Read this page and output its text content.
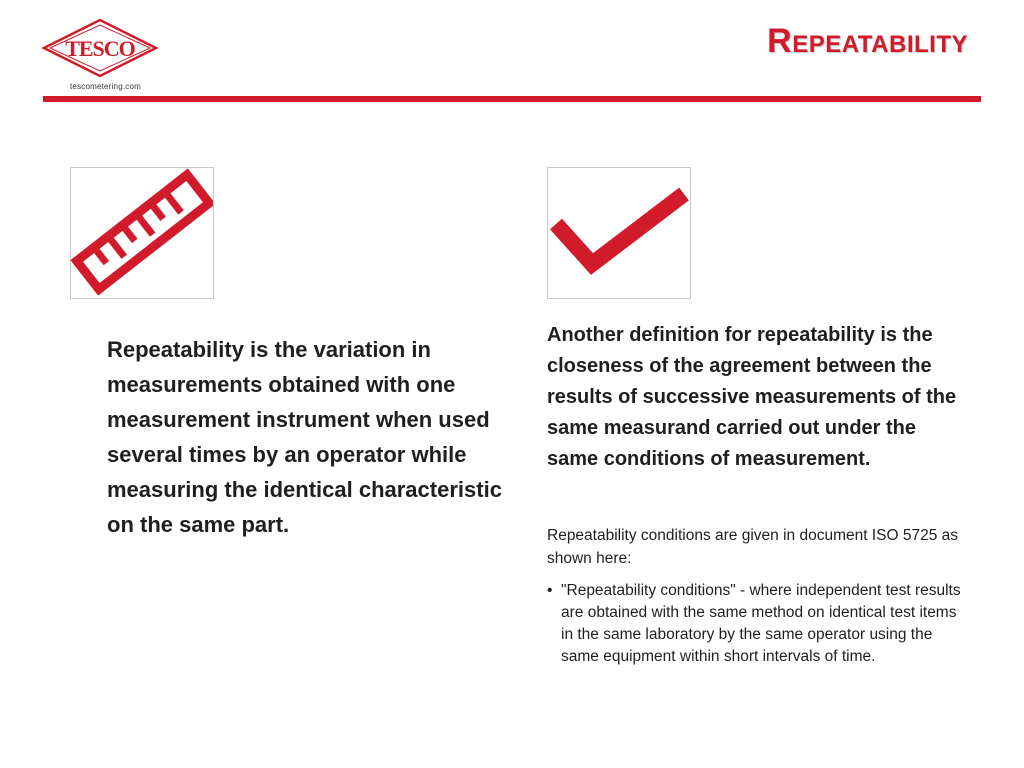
TESCO
tescometering.com
Repeatability
Repeatability is the variation in measurements obtained with one measurement instrument when used several times by an operator while measuring the identical characteristic on the same part.
Another definition for repeatability is the closeness of the agreement between the results of successive measurements of the same measurand carried out under the same conditions of measurement.
Repeatability conditions are given in document ISO 5725 as shown here:
• "Repeatability conditions" - where independent test results are obtained with the same method on identical test items in the same laboratory by the same operator using the same equipment within short intervals of time.
